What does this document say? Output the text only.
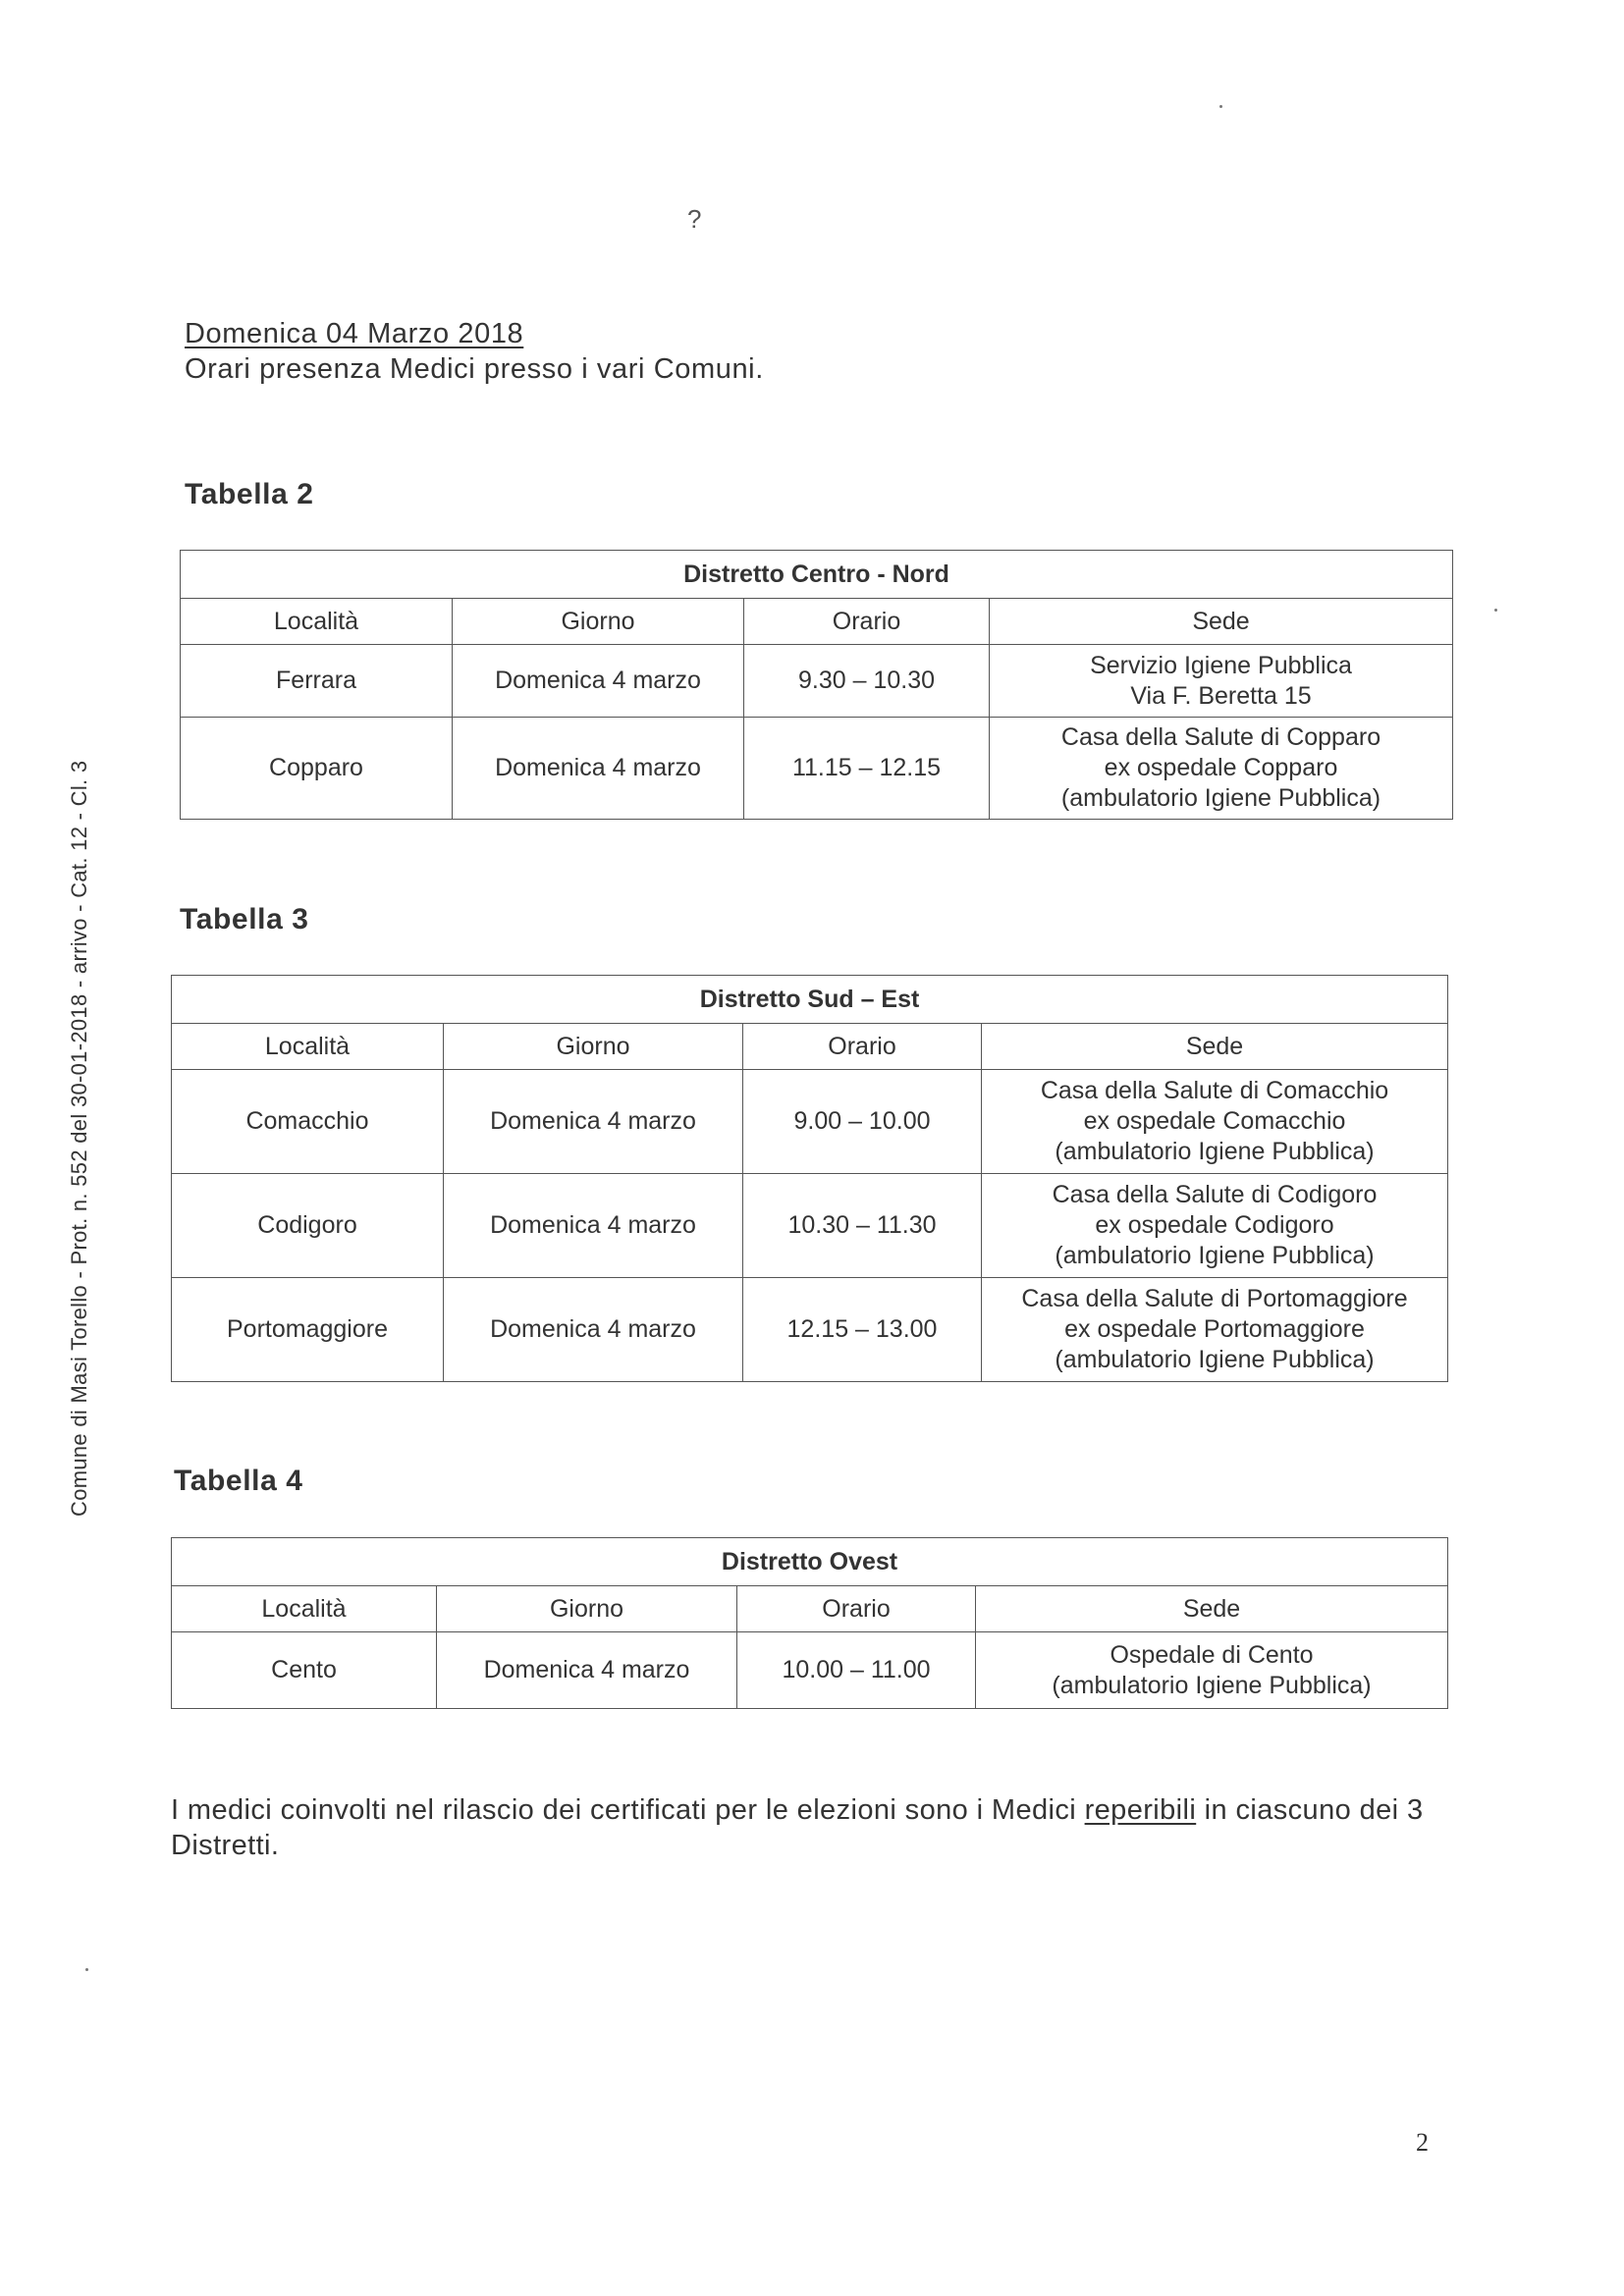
?
Comune di Masi Torello - Prot. n. 552 del 30-01-2018 - arrivo - Cat. 12 - Cl. 3
Domenica 04 Marzo 2018
Orari presenza Medici presso i vari Comuni.
Tabella 2
Distretto Centro - Nord			
Località	Giorno	Orario	Sede
Ferrara	Domenica 4 marzo	9.30 – 10.30	Servizio Igiene Pubblica
Via F. Beretta 15

Copparo	Domenica 4 marzo	11.15 – 12.15	Casa della Salute di Copparo
ex ospedale Copparo
(ambulatorio Igiene Pubblica)
Tabella 3
Distretto Sud – Est			
Località	Giorno	Orario	Sede
Comacchio	Domenica 4 marzo	9.00 – 10.00	Casa della Salute di Comacchio
ex ospedale Comacchio
(ambulatorio Igiene Pubblica)

Codigoro	Domenica 4 marzo	10.30 – 11.30	Casa della Salute di Codigoro
ex ospedale Codigoro
(ambulatorio Igiene Pubblica)

Portomaggiore	Domenica 4 marzo	12.15 – 13.00	Casa della Salute di Portomaggiore
ex ospedale Portomaggiore
(ambulatorio Igiene Pubblica)
Tabella 4
Distretto Ovest			
Località	Giorno	Orario	Sede
Cento	Domenica 4 marzo	10.00 – 11.00	Ospedale di Cento
(ambulatorio Igiene Pubblica)
I medici coinvolti nel rilascio dei certificati per le elezioni sono i Medici reperibili in ciascuno dei 3 Distretti.
2
